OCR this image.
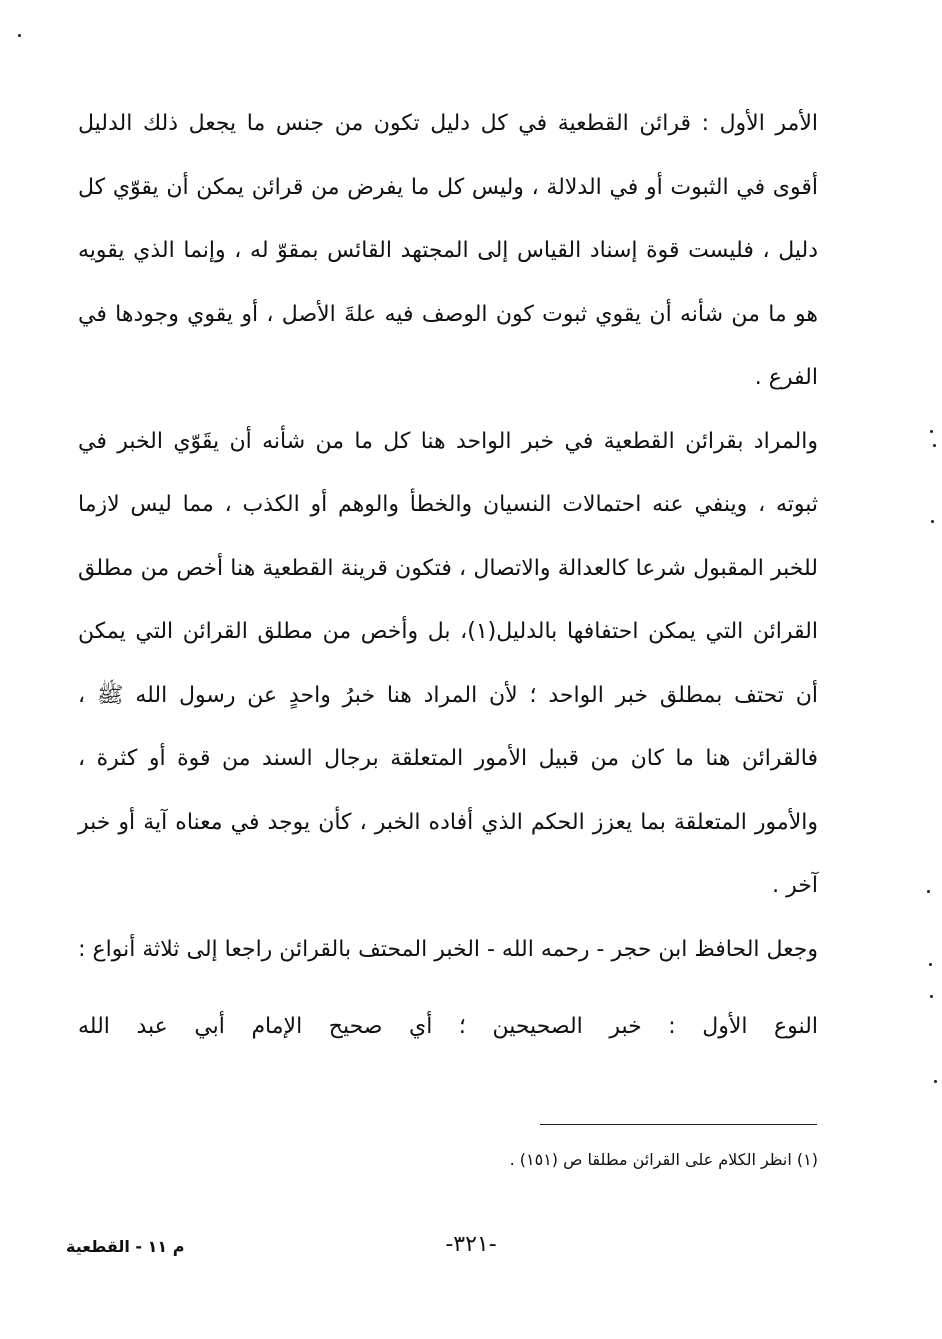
الأمر الأول : قرائن القطعية في كل دليل تكون من جنس ما يجعل ذلك الدليل أقوى في الثبوت أو في الدلالة ، وليس كل ما يفرض من قرائن يمكن أن يقوّي كل دليل ، فليست قوة إسناد القياس إلى المجتهد القائس بمقوّ له ، وإنما الذي يقويه هو ما من شأنه أن يقوي ثبوت كون الوصف فيه علةَ الأصل ، أو يقوي وجودها في الفرع .

والمراد بقرائن القطعية في خبر الواحد هنا كل ما من شأنه أن يقَوّي الخبر في ثبوته ، وينفي عنه احتمالات النسيان والخطأ والوهم أو الكذب ، مما ليس لازما للخبر المقبول شرعا كالعدالة والاتصال ، فتكون قرينة القطعية هنا أخص من مطلق القرائن التي يمكن احتفافها بالدليل(١)، بل وأخص من مطلق القرائن التي يمكن أن تحتف بمطلق خبر الواحد ؛ لأن المراد هنا خبرُ واحدٍ عن رسول الله ﷺ ، فالقرائن هنا ما كان من قبيل الأمور المتعلقة برجال السند من قوة أو كثرة ، والأمور المتعلقة بما يعزز الحكم الذي أفاده الخبر ، كأن يوجد في معناه آية أو خبر آخر .

وجعل الحافظ ابن حجر - رحمه الله - الخبر المحتف بالقرائن راجعا إلى ثلاثة أنواع :

النوع الأول : خبر الصحيحين ؛ أي صحيح الإمام أبي عبد الله

(١) انظر الكلام على القرائن مطلقا ص (١٥١) .
-٣٢١-
م ١١ - القطعية
